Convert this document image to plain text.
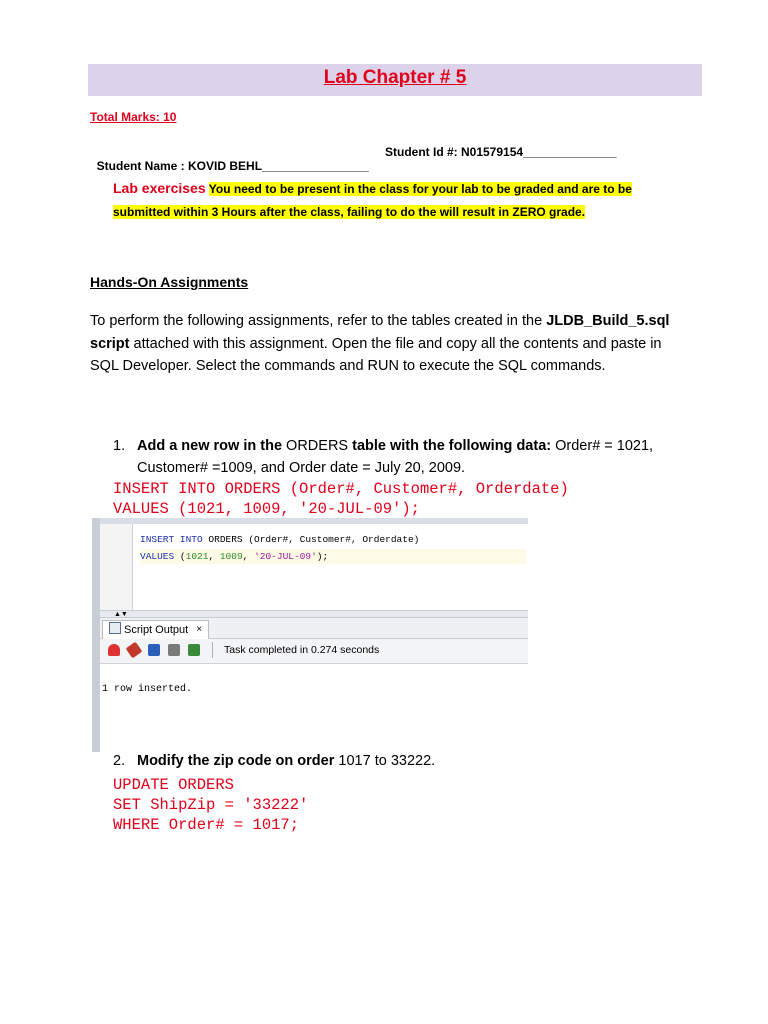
Lab Chapter # 5
Total Marks: 10

Student Name : KOVID BEHL________________

Student Id #: N01579154______________

Lab exercises You need to be present in the class for your lab to be graded and are to be
submitted within 3 Hours after the class, failing to do the will result in ZERO grade.
Hands-On Assignments
To perform the following assignments, refer to the tables created in the JLDB_Build_5.sql script attached with this assignment. Open the file and copy all the contents and paste in SQL Developer. Select the commands and RUN to execute the SQL commands.
1. Add a new row in the ORDERS table with the following data: Order# = 1021,
Customer# =1009, and Order date = July 20, 2009.
INSERT INTO ORDERS (Order#, Customer#, Orderdate)
VALUES (1021, 1009, '20-JUL-09');
INSERT INTO ORDERS (Order#, Customer#, Orderdate)
VALUES (1021, 1009, '20-JUL-09');
▲▼
Script Output ×
Task completed in 0.274 seconds
1 row inserted.
2. Modify the zip code on order 1017 to 33222.
UPDATE ORDERS
SET ShipZip = '33222'
WHERE Order# = 1017;
